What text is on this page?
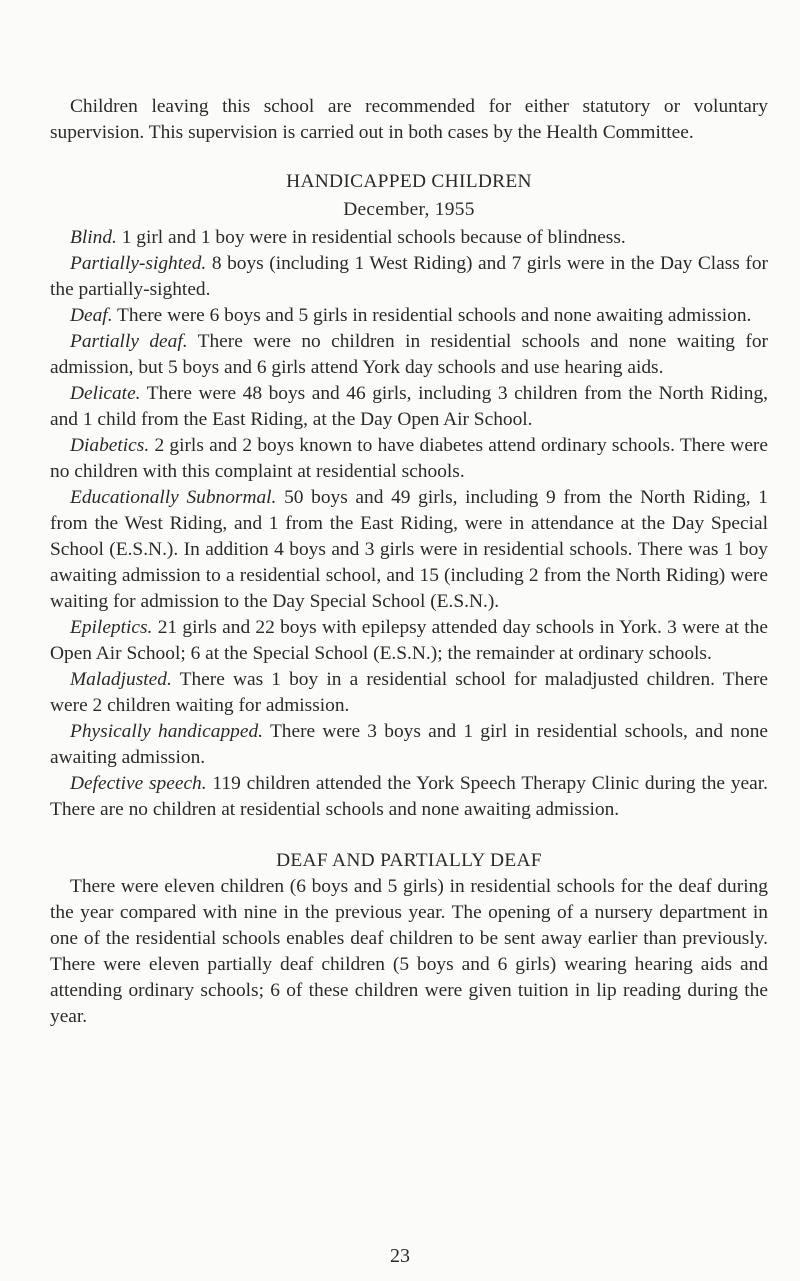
Children leaving this school are recommended for either statutory or voluntary supervision. This supervision is carried out in both cases by the Health Committee.

HANDICAPPED CHILDREN

December, 1955

Blind. 1 girl and 1 boy were in residential schools because of blindness.

Partially-sighted. 8 boys (including 1 West Riding) and 7 girls were in the Day Class for the partially-sighted.

Deaf. There were 6 boys and 5 girls in residential schools and none awaiting admission.

Partially deaf. There were no children in residential schools and none waiting for admission, but 5 boys and 6 girls attend York day schools and use hearing aids.

Delicate. There were 48 boys and 46 girls, including 3 children from the North Riding, and 1 child from the East Riding, at the Day Open Air School.

Diabetics. 2 girls and 2 boys known to have diabetes attend ordinary schools. There were no children with this complaint at residential schools.

Educationally Subnormal. 50 boys and 49 girls, including 9 from the North Riding, 1 from the West Riding, and 1 from the East Riding, were in attendance at the Day Special School (E.S.N.). In addition 4 boys and 3 girls were in residential schools. There was 1 boy awaiting admission to a residential school, and 15 (including 2 from the North Riding) were waiting for admission to the Day Special School (E.S.N.).

Epileptics. 21 girls and 22 boys with epilepsy attended day schools in York. 3 were at the Open Air School; 6 at the Special School (E.S.N.); the remainder at ordinary schools.

Maladjusted. There was 1 boy in a residential school for maladjusted children. There were 2 children waiting for admission.

Physically handicapped. There were 3 boys and 1 girl in residential schools, and none awaiting admission.

Defective speech. 119 children attended the York Speech Therapy Clinic during the year. There are no children at residential schools and none awaiting admission.

DEAF AND PARTIALLY DEAF

There were eleven children (6 boys and 5 girls) in residential schools for the deaf during the year compared with nine in the previous year. The opening of a nursery department in one of the residential schools enables deaf children to be sent away earlier than previously. There were eleven partially deaf children (5 boys and 6 girls) wearing hearing aids and attending ordinary schools; 6 of these children were given tuition in lip reading during the year.

23
